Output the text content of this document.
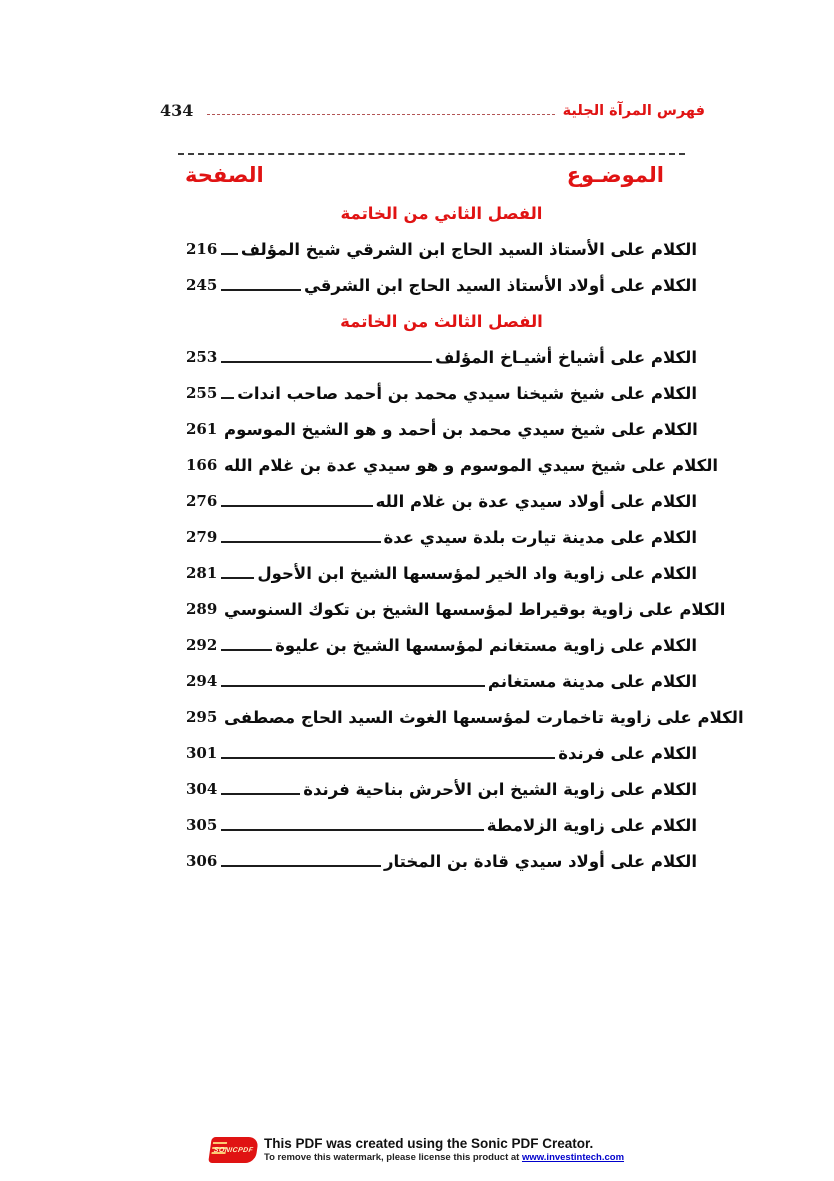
434	فهرس المرآة الجلية
الصفحة	الموضـوع
الفصل الثاني من الخاتمة
216 الكلام على الأستاذ السيد الحاج ابن الشرقي شيخ المؤلف
245	الكلام على أولاد الأستاذ السيد الحاج ابن الشرقي
الفصل الثالث من الخاتمة
253	الكلام على أشياخ أشيـاخ المؤلف
255 الكلام على شيخ شيخنا سيدي محمد بن أحمد صاحب اندات
261 الكلام على شيخ سيدي محمد بن أحمد و هو الشيخ الموسوم
166 الكلام على شيخ سيدي الموسوم و هو سيدي عدة بن غلام الله
276	الكلام على أولاد سيدي عدة بن غلام الله
279	الكلام على مدينة تيارت بلدة سيدي عدة
281 الكلام على زاوية واد الخير لمؤسسها الشيخ ابن الأحول
289 الكلام على زاوية بوقيراط لمؤسسها الشيخ بن تكوك السنوسي
292	الكلام على زاوية مستغانم لمؤسسها الشيخ بن عليوة
294	الكلام على مدينة مستغانم
295 الكلام على زاوية تاخمارت لمؤسسها الغوث السيد الحاج مصطفى
301	الكلام على فرندة
304	الكلام على زاوية الشيخ ابن الأحرش بناحية فرندة
305	الكلام على زاوية الزلامطة
306	الكلام على أولاد سيدي قادة بن المختار
SONICPDF This PDF was created using the Sonic PDF Creator.
To remove this watermark, please license this product at www.investintech.com
